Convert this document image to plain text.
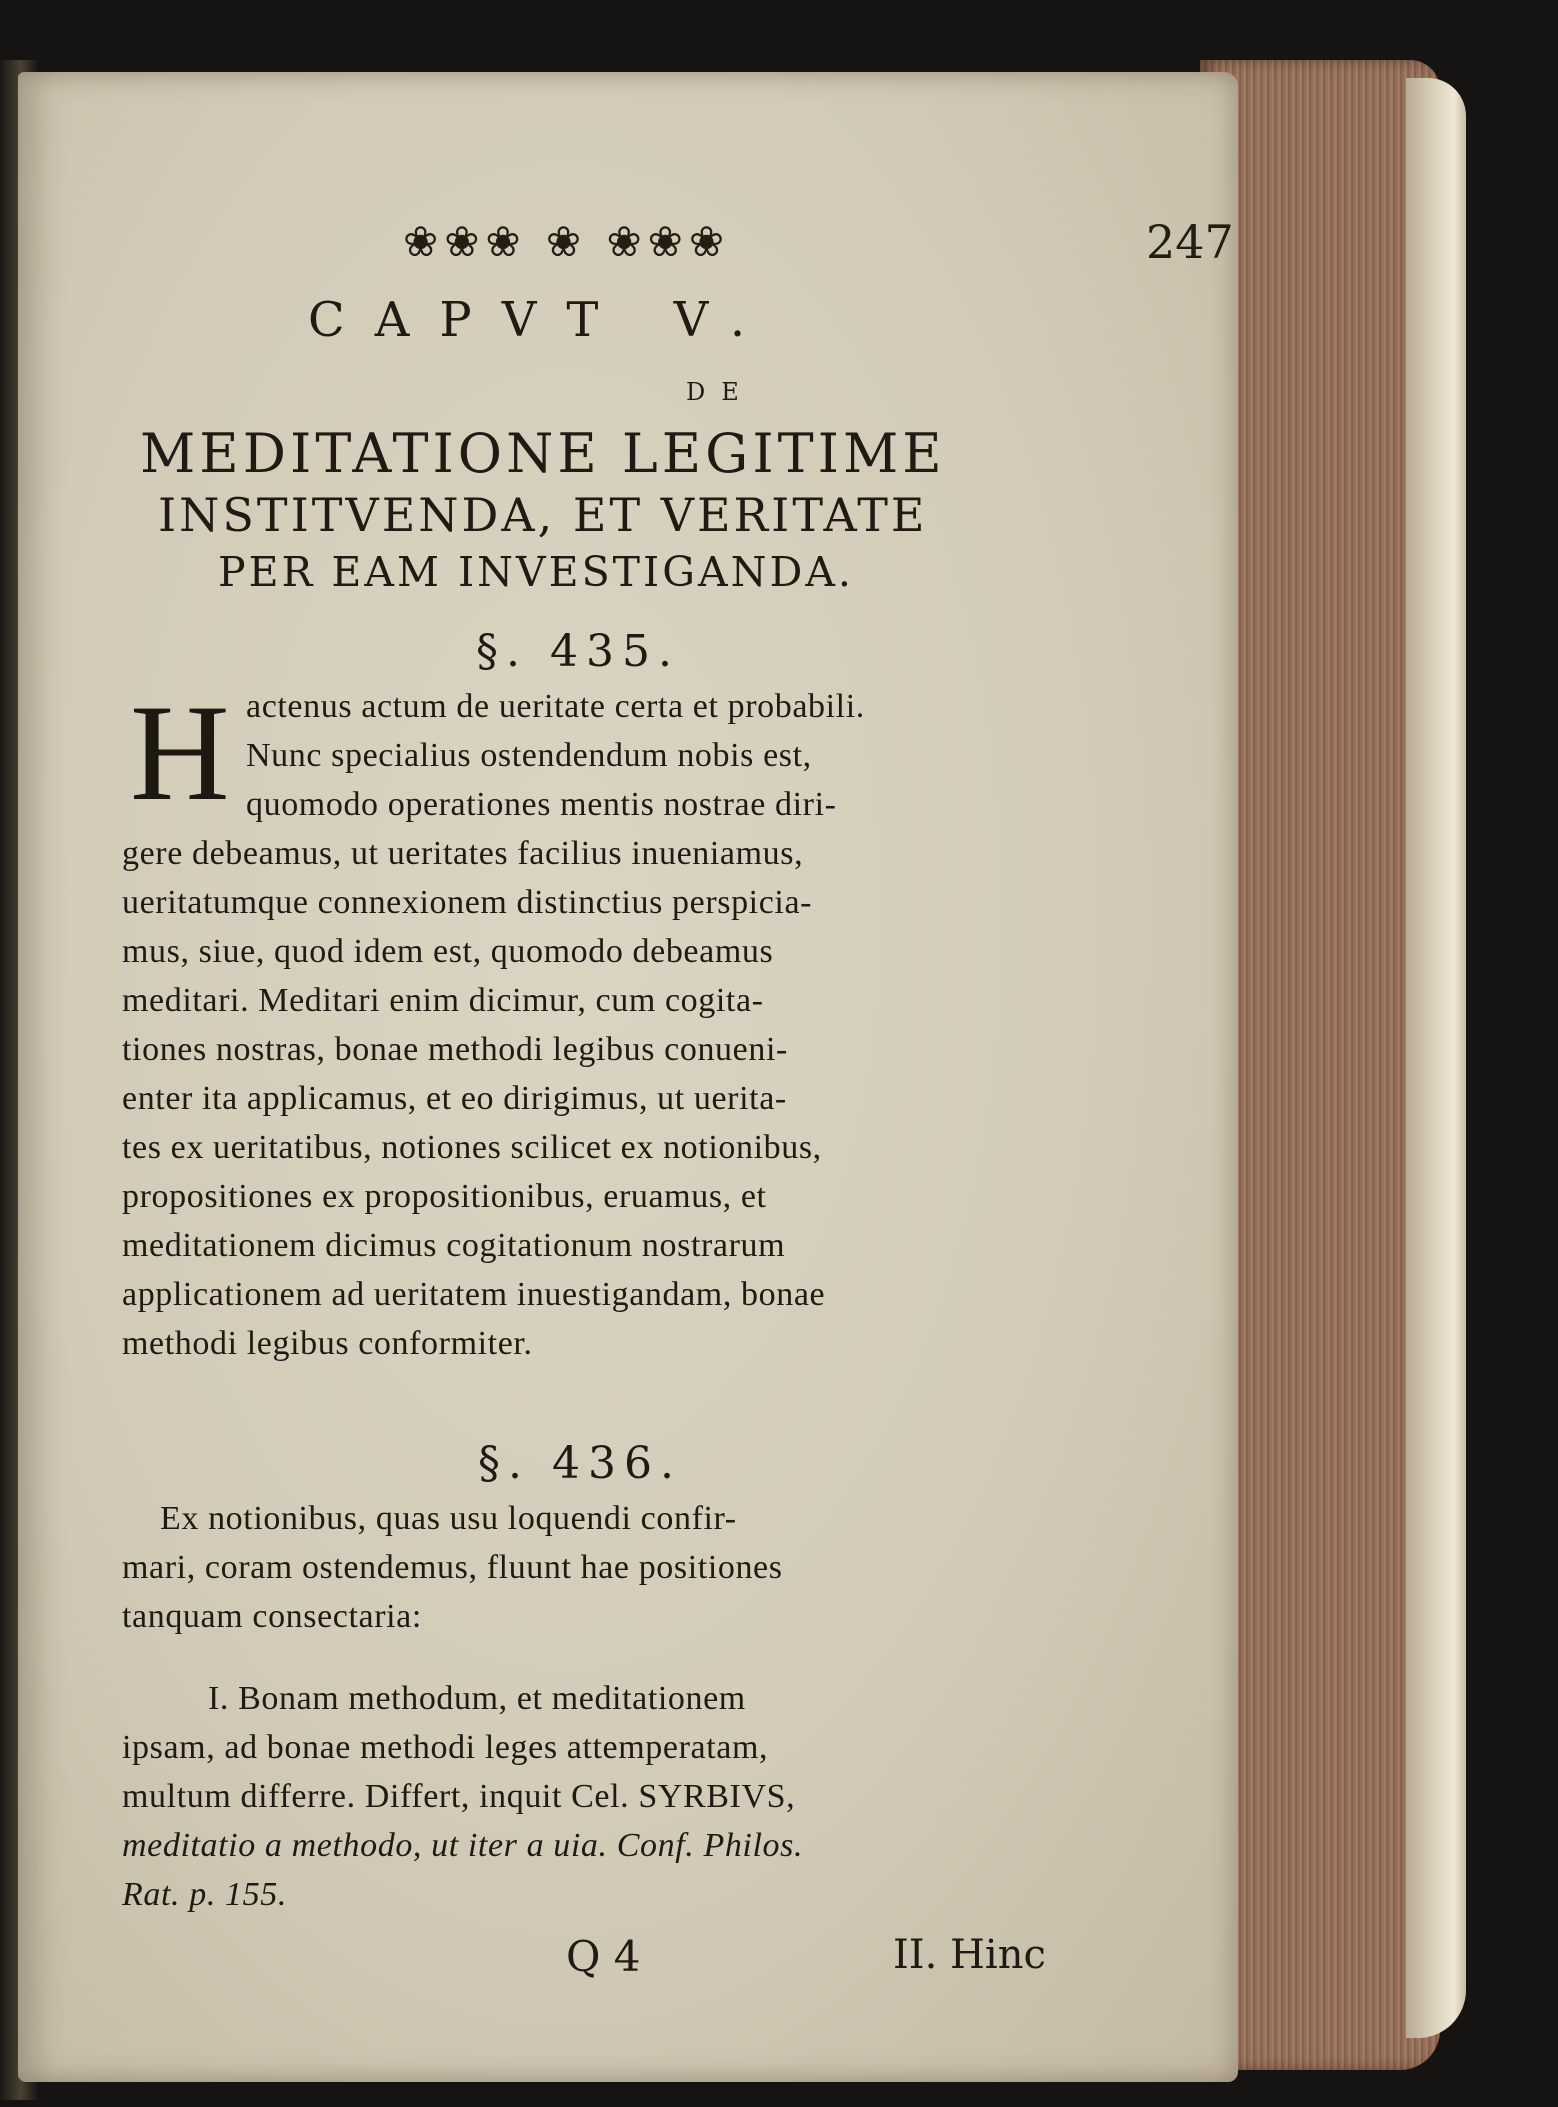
❀❀❀ ❀ ❀❀❀	247
CAPVT V.
DE
MEDITATIONE LEGITIME
INSTITVENDA, ET VERITATE
PER EAM INVESTIGANDA.
§. 435.
H actenus actum de ueritate certa et probabili.
Nunc specialius ostendendum nobis est,
quomodo operationes mentis nostrae diri-
gere debeamus, ut ueritates facilius inueniamus,
ueritatumque connexionem distinctius perspicia-
mus, siue, quod idem est, quomodo debeamus
meditari. Meditari enim dicimur, cum cogita-
tiones nostras, bonae methodi legibus conueni-
enter ita applicamus, et eo dirigimus, ut uerita-
tes ex ueritatibus, notiones scilicet ex notionibus,
propositiones ex propositionibus, eruamus, et
meditationem dicimus cogitationum nostrarum
applicationem ad ueritatem inuestigandam, bonae
methodi legibus conformiter.
§. 436.
Ex notionibus, quas usu loquendi confir-
mari, coram ostendemus, fluunt hae positiones
tanquam consectaria:
I. Bonam methodum, et meditationem
ipsam, ad bonae methodi leges attemperatam,
multum differre. Differt, inquit Cel. SYRBIVS,
meditatio a methodo, ut iter a uia. Conf. Philos.
Rat. p. 155.
Q 4	II. Hinc
